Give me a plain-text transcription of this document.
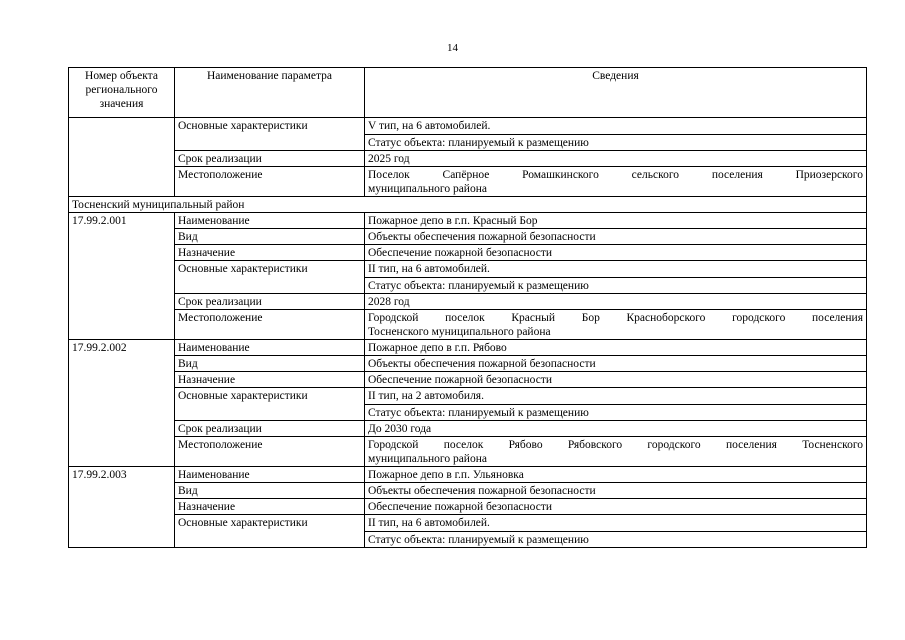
14
Номер объекта регионального значения	Наименование параметра	Сведения
	Основные характеристики	V тип, на 6 автомобилей.
Статус объекта: планируемый к размещению

	Срок реализации	2025 год

	Местоположение	Поселок Сапёрное Ромашкинского сельского поселения Приозерского
муниципального района

Тосненский муниципальный район		
17.99.2.001	Наименование	Пожарное депо в г.п. Красный Бор

	Вид	Объекты обеспечения пожарной безопасности

	Назначение	Обеспечение пожарной безопасности

	Основные характеристики	II тип, на 6 автомобилей.
Статус объекта: планируемый к размещению

	Срок реализации	2028 год

	Местоположение	Городской поселок Красный Бор Красноборского городского поселения
Тосненского муниципального района

17.99.2.002	Наименование	Пожарное депо в г.п. Рябово

	Вид	Объекты обеспечения пожарной безопасности

	Назначение	Обеспечение пожарной безопасности

	Основные характеристики	II тип, на 2 автомобиля.
Статус объекта: планируемый к размещению

	Срок реализации	До 2030 года

	Местоположение	Городской поселок Рябово Рябовского городского поселения Тосненского
муниципального района

17.99.2.003	Наименование	Пожарное депо в г.п. Ульяновка

	Вид	Объекты обеспечения пожарной безопасности

	Назначение	Обеспечение пожарной безопасности

	Основные характеристики	II тип, на 6 автомобилей.
Статус объекта: планируемый к размещению
